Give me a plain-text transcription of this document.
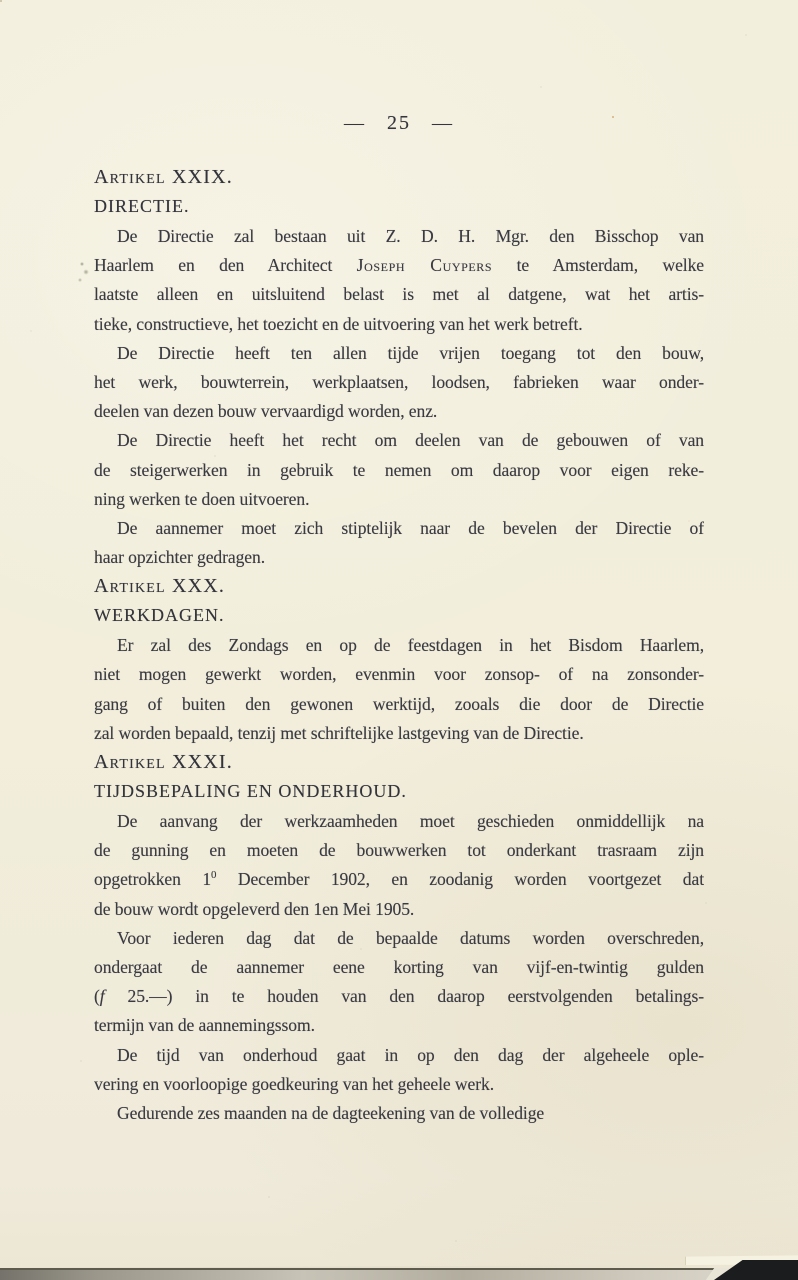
— 25 —
Artikel XXIX.
DIRECTIE.
De Directie zal bestaan uit Z. D. H. Mgr. den Bisschop van
Haarlem en den Architect Joseph Cuypers te Amsterdam, welke
laatste alleen en uitsluitend belast is met al datgene, wat het artis-
tieke, constructieve, het toezicht en de uitvoering van het werk betreft.
De Directie heeft ten allen tijde vrijen toegang tot den bouw,
het werk, bouwterrein, werkplaatsen, loodsen, fabrieken waar onder-
deelen van dezen bouw vervaardigd worden, enz.
De Directie heeft het recht om deelen van de gebouwen of van
de steigerwerken in gebruik te nemen om daarop voor eigen reke-
ning werken te doen uitvoeren.
De aannemer moet zich stiptelijk naar de bevelen der Directie of
haar opzichter gedragen.
Artikel XXX.
WERKDAGEN.
Er zal des Zondags en op de feestdagen in het Bisdom Haarlem,
niet mogen gewerkt worden, evenmin voor zonsop- of na zonsonder-
gang of buiten den gewonen werktijd, zooals die door de Directie
zal worden bepaald, tenzij met schriftelijke lastgeving van de Directie.
Artikel XXXI.
TIJDSBEPALING EN ONDERHOUD.
De aanvang der werkzaamheden moet geschieden onmiddellijk na
de gunning en moeten de bouwwerken tot onderkant trasraam zijn
opgetrokken $1^0$ December 1902, en zoodanig worden voortgezet dat
de bouw wordt opgeleverd den 1en Mei 1905.
Voor iederen dag dat de bepaalde datums worden overschreden,
ondergaat de aannemer eene korting van vijf-en-twintig gulden
(f 25.—) in te houden van den daarop eerstvolgenden betalings-
termijn van de aannemingssom.
De tijd van onderhoud gaat in op den dag der algeheele ople-
vering en voorloopige goedkeuring van het geheele werk.
Gedurende zes maanden na de dagteekening van de volledige
